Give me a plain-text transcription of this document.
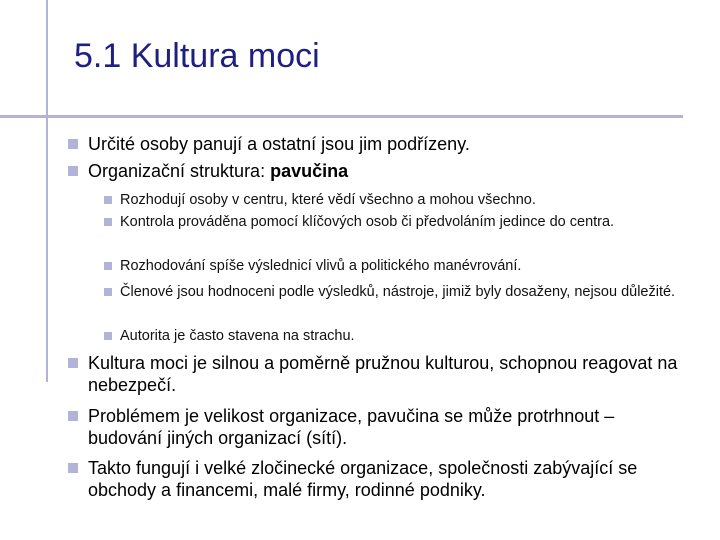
5.1 Kultura moci
Určité osoby panují a ostatní jsou jim podřízeny.
Organizační struktura: pavučina
Rozhodují osoby v centru, které vědí všechno a mohou všechno.
Kontrola prováděna pomocí klíčových osob či předvoláním jedince do centra.
Rozhodování spíše výslednicí vlivů a politického manévrování.
Členové jsou hodnoceni podle výsledků, nástroje, jimiž byly dosaženy, nejsou důležité.
Autorita je často stavena na strachu.
Kultura moci je silnou a poměrně pružnou kulturou, schopnou reagovat na nebezpečí.
Problémem je velikost organizace, pavučina se může protrhnout – budování jiných organizací (sítí).
Takto fungují i velké zločinecké organizace, společnosti zabývající se obchody a financemi, malé firmy, rodinné podniky.
